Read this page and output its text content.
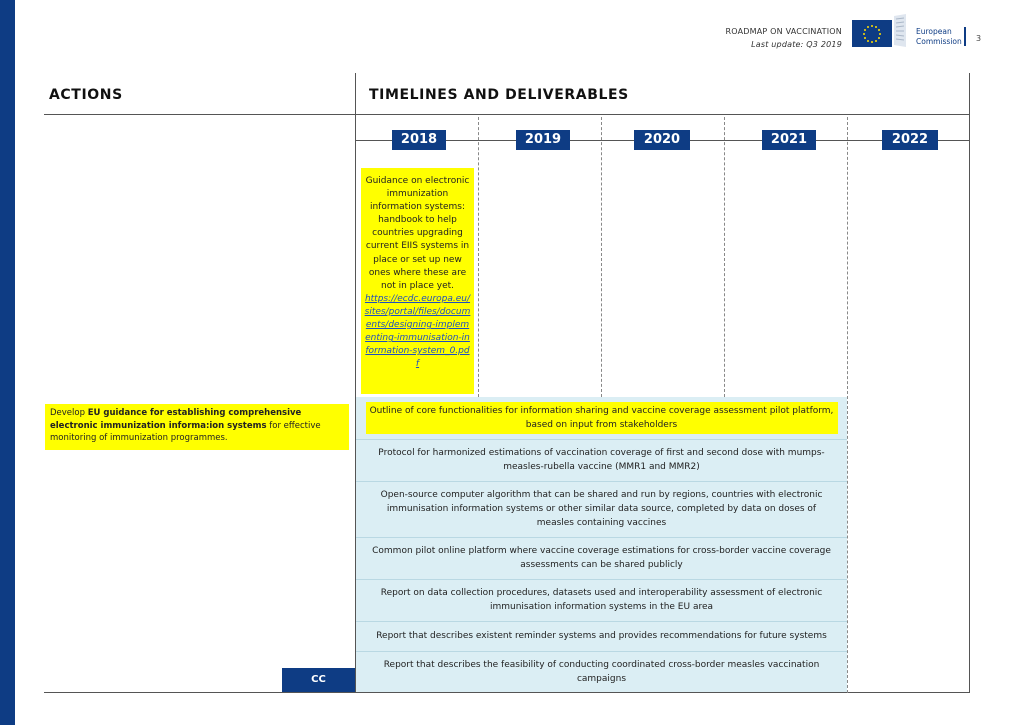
ROADMAP ON VACCINATION
Last update: Q3 2019
European
Commission 3
ACTIONS	TIMELINES AND DELIVERABLES
2018	2019	2020	2021	2022
Guidance on electronic immunization information systems: handbook to help countries upgrading current EIIS systems in place or set up new ones where these are not in place yet.
https://ecdc.europa.eu/sites/portal/files/documents/designing-implementing-immunisation-information-system_0.pdf
Develop EU guidance for establishing comprehensive electronic immunization informa:ion systems for effective monitoring of immunization programmes.
Outline of core functionalities for information sharing and vaccine coverage assessment pilot platform, based on input from stakeholders
Protocol for harmonized estimations of vaccination coverage of first and second dose with mumps-measles-rubella vaccine (MMR1 and MMR2)
Open-source computer algorithm that can be shared and run by regions, countries with electronic immunisation information systems or other similar data source, completed by data on doses of measles containing vaccines
Common pilot online platform where vaccine coverage estimations for cross-border vaccine coverage assessments can be shared publicly
Report on data collection procedures, datasets used and interoperability assessment of electronic immunisation information systems in the EU area
Report that describes existent reminder systems and provides recommendations for future systems
Report that describes the feasibility of conducting coordinated cross-border measles vaccination campaigns
CC
